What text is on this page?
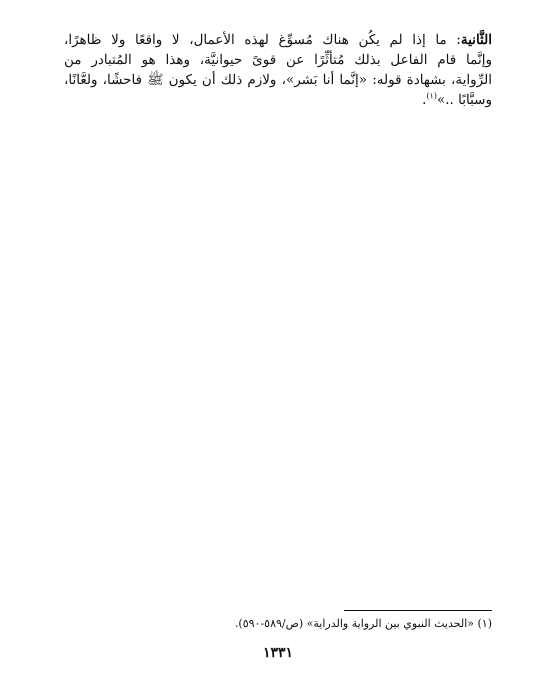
الثَّانية: ما إذا لم يكُن هناك مُسوِّغ لهذه الأعمال، لا واقعًا ولا ظاهرًا،
وإنَّما قام الفاعل بذلك مُتأثِّرًا عن قوىً حيوانيَّة، وهذا هو المُتبادر من
الرِّواية، بشهادة قوله: «إنَّما أنا بَشر»، ولازم ذلك أن يكون ﷺ فاحشًا، ولعَّانًا،
وسبَّابًا ..»$^{(١)}$.
(١) «الحديث النبوي بين الرواية والدراية» (ص/٥٨٩-٥٩٠).
١٣٣١
